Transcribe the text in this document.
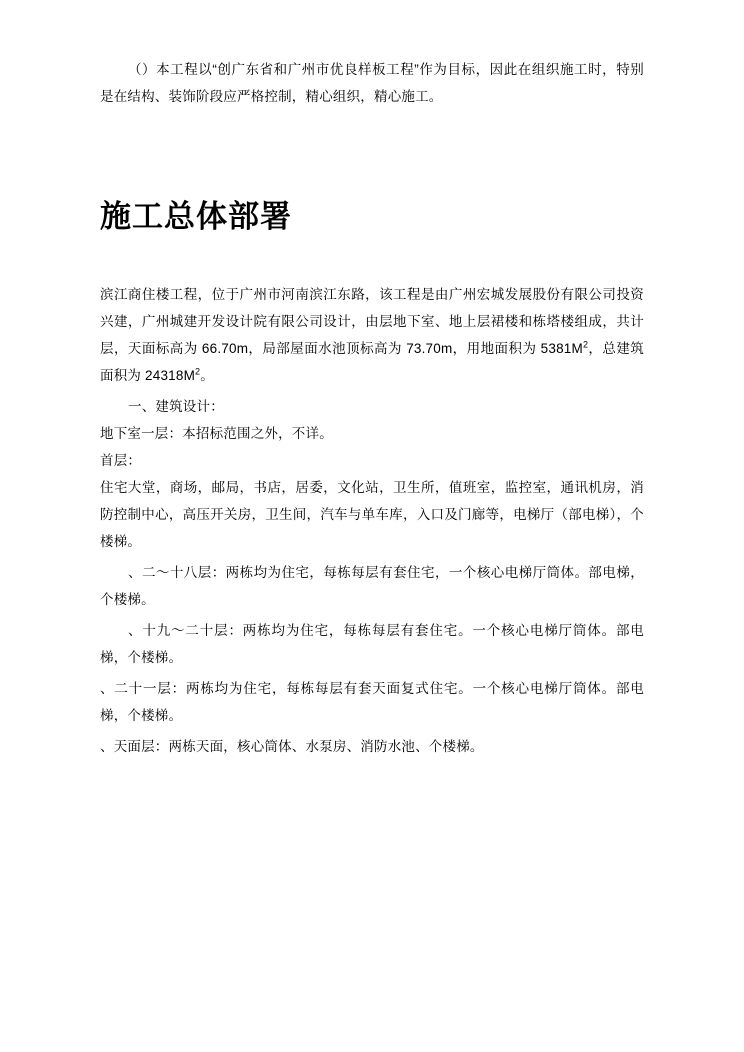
（）本工程以“创广东省和广州市优良样板工程”作为目标，因此在组织施工时，特别是在结构、装饰阶段应严格控制，精心组织，精心施工。

施工总体部署

滨江商住楼工程，位于广州市河南滨江东路，该工程是由广州宏城发展股份有限公司投资兴建，广州城建开发设计院有限公司设计，由层地下室、地上层裙楼和栋塔楼组成，共计层，天面标高为 66.70m，局部屋面水池顶标高为 73.70m，用地面积为 $5381M^2$，总建筑面积为 $24318M^2$。

一、建筑设计：

地下室一层：本招标范围之外，不详。

首层：

住宅大堂，商场，邮局，书店，居委，文化站，卫生所，值班室，监控室，通讯机房，消防控制中心，高压开关房，卫生间，汽车与单车库，入口及门廊等，电梯厅（部电梯），个楼梯。

、二～十八层：两栋均为住宅，每栋每层有套住宅，一个核心电梯厅筒体。部电梯，个楼梯。

、十九～二十层：两栋均为住宅，每栋每层有套住宅。一个核心电梯厅筒体。部电梯，个楼梯。

、二十一层：两栋均为住宅，每栋每层有套天面复式住宅。一个核心电梯厅筒体。部电梯，个楼梯。

、天面层：两栋天面，核心筒体、水泵房、消防水池、个楼梯。
